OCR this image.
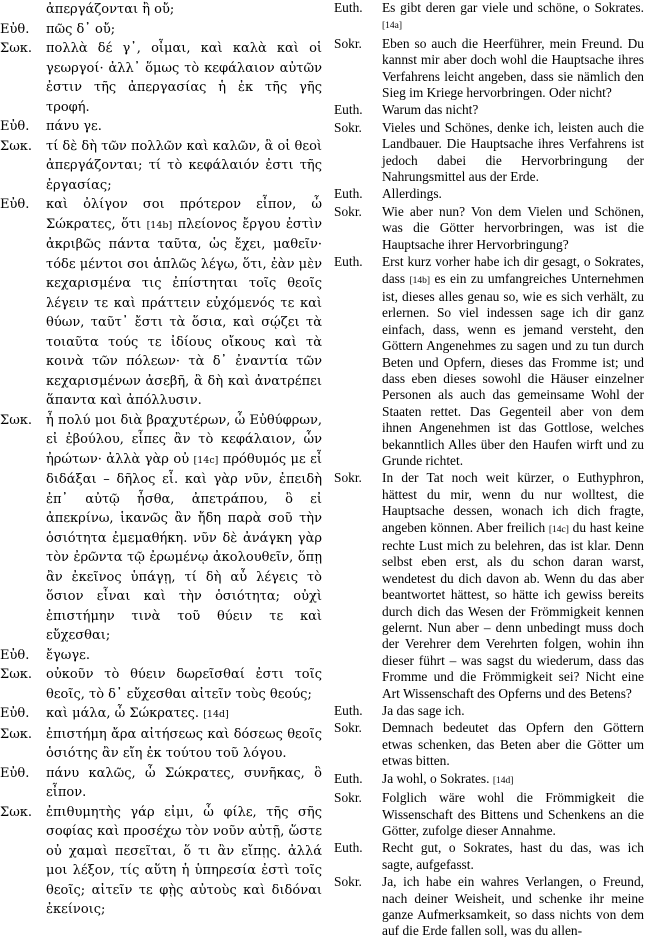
ἀπεργάζονται ἢ οὔ;
Εὐθ.	πῶς δ᾽ οὔ;
Σωκ.	πολλὰ δέ γ᾽, οἶμαι, καὶ καλὰ καὶ οἱ γεωργοί· ἀλλ᾽ ὅμως τὸ κεφάλαιον αὐτῶν ἐστιν τῆς ἀπεργασίας ἡ ἐκ τῆς γῆς τροφή.
Εὐθ.	πάνυ γε.
Σωκ.	τί δὲ δὴ τῶν πολλῶν καὶ καλῶν, ἃ οἱ θεοὶ ἀπεργάζονται; τί τὸ κεφάλαιόν ἐστι τῆς ἐργασίας;
Εὐθ.	καὶ ὀλίγον σοι πρότερον εἶπον, ὦ Σώκρατες, ὅτι [14b] πλείονος ἔργου ἐστὶν ἀκριβῶς πάντα ταῦτα, ὡς ἔχει, μαθεῖν· τόδε μέντοι σοι ἁπλῶς λέγω, ὅτι, ἐὰν μὲν κεχαρισμένα τις ἐπίστηται τοῖς θεοῖς λέγειν τε καὶ πράττειν εὐχόμενός τε καὶ θύων, ταῦτ᾽ ἔστι τὰ ὅσια, καὶ σῴζει τὰ τοιαῦτα τούς τε ἰδίους οἴκους καὶ τὰ κοινὰ τῶν πόλεων· τὰ δ᾽ ἐναντία τῶν κεχαρισμένων ἀσεβῆ, ἃ δὴ καὶ ἀνατρέπει ἅπαντα καὶ ἀπόλλυσιν.
Σωκ.	ἦ πολύ μοι διὰ βραχυτέρων, ὦ Εὐθύφρων, εἰ ἐβούλου, εἶπες ἂν τὸ κεφάλαιον, ὧν ἠρώτων· ἀλλὰ γὰρ οὐ [14c] πρόθυμός με εἶ διδάξαι – δῆλος εἶ. καὶ γὰρ νῦν, ἐπειδὴ ἐπ᾽ αὐτῷ ἦσθα, ἀπετράπου, ὃ εἰ ἀπεκρίνω, ἱκανῶς ἂν ἤδη παρὰ σοῦ τὴν ὁσιότητα ἐμεμαθήκη. νῦν δὲ ἀνάγκη γὰρ τὸν ἐρῶντα τῷ ἐρωμένῳ ἀκολουθεῖν, ὅπῃ ἂν ἐκεῖνος ὑπάγῃ, τί δὴ αὖ λέγεις τὸ ὅσιον εἶναι καὶ τὴν ὁσιότητα; οὐχὶ ἐπιστήμην τινὰ τοῦ θύειν τε καὶ εὔχεσθαι;
Εὐθ.	ἔγωγε.
Σωκ.	οὐκοῦν τὸ θύειν δωρεῖσθαί ἐστι τοῖς θεοῖς, τὸ δ᾽ εὔχεσθαι αἰτεῖν τοὺς θεούς;
Εὐθ.	καὶ μάλα, ὦ Σώκρατες. [14d]
Σωκ.	ἐπιστήμη ἄρα αἰτήσεως καὶ δόσεως θεοῖς ὁσιότης ἂν εἴη ἐκ τούτου τοῦ λόγου.
Εὐθ.	πάνυ καλῶς, ὦ Σώκρατες, συνῆκας, ὃ εἶπον.
Σωκ.	ἐπιθυμητὴς γάρ εἰμι, ὦ φίλε, τῆς σῆς σοφίας καὶ προσέχω τὸν νοῦν αὐτῇ, ὥστε οὐ χαμαὶ πεσεῖται, ὅ τι ἂν εἴπῃς. ἀλλά μοι λέξον, τίς αὕτη ἡ ὑπηρεσία ἐστὶ τοῖς θεοῖς; αἰτεῖν τε φῂς αὐτοὺς καὶ διδόναι ἐκείνοις;
Euth.	Es gibt deren gar viele und schöne, o Sokrates. [14a]
Sokr.	Eben so auch die Heerführer, mein Freund. Du kannst mir aber doch wohl die Hauptsache ihres Verfahrens leicht angeben, dass sie nämlich den Sieg im Kriege hervorbringen. Oder nicht?
Euth.	Warum das nicht?
Sokr.	Vieles und Schönes, denke ich, leisten auch die Landbauer. Die Hauptsache ihres Verfahrens ist jedoch dabei die Hervorbringung der Nahrungsmittel aus der Erde.
Euth.	Allerdings.
Sokr.	Wie aber nun? Von dem Vielen und Schönen, was die Götter hervorbringen, was ist die Hauptsache ihrer Hervorbringung?
Euth.	Erst kurz vorher habe ich dir gesagt, o Sokrates, dass [14b] es ein zu umfangreiches Unternehmen ist, dieses alles genau so, wie es sich verhält, zu erlernen. So viel indessen sage ich dir ganz einfach, dass, wenn es jemand versteht, den Göttern Angenehmes zu sagen und zu tun durch Beten und Opfern, dieses das Fromme ist; und dass eben dieses sowohl die Häuser einzelner Personen als auch das gemeinsame Wohl der Staaten rettet. Das Gegenteil aber von dem ihnen Angenehmen ist das Gottlose, welches bekanntlich Alles über den Haufen wirft und zu Grunde richtet.
Sokr.	In der Tat noch weit kürzer, o Euthyphron, hättest du mir, wenn du nur wolltest, die Hauptsache dessen, wonach ich dich fragte, angeben können. Aber freilich [14c] du hast keine rechte Lust mich zu belehren, das ist klar. Denn selbst eben erst, als du schon daran warst, wendetest du dich davon ab. Wenn du das aber beantwortet hättest, so hätte ich gewiss bereits durch dich das Wesen der Frömmigkeit kennen gelernt. Nun aber – denn unbedingt muss doch der Verehrer dem Verehrten folgen, wohin ihn dieser führt – was sagst du wiederum, dass das Fromme und die Frömmigkeit sei? Nicht eine Art Wissenschaft des Opferns und des Betens?
Euth.	Ja das sage ich.
Sokr.	Demnach bedeutet das Opfern den Göttern etwas schenken, das Beten aber die Götter um etwas bitten.
Euth.	Ja wohl, o Sokrates. [14d]
Sokr.	Folglich wäre wohl die Frömmigkeit die Wissenschaft des Bittens und Schenkens an die Götter, zufolge dieser Annahme.
Euth.	Recht gut, o Sokrates, hast du das, was ich sagte, aufgefasst.
Sokr.	Ja, ich habe ein wahres Verlangen, o Freund, nach deiner Weisheit, und schenke ihr meine ganze Aufmerksamkeit, so dass nichts von dem auf die Erde fallen soll, was du allen-
